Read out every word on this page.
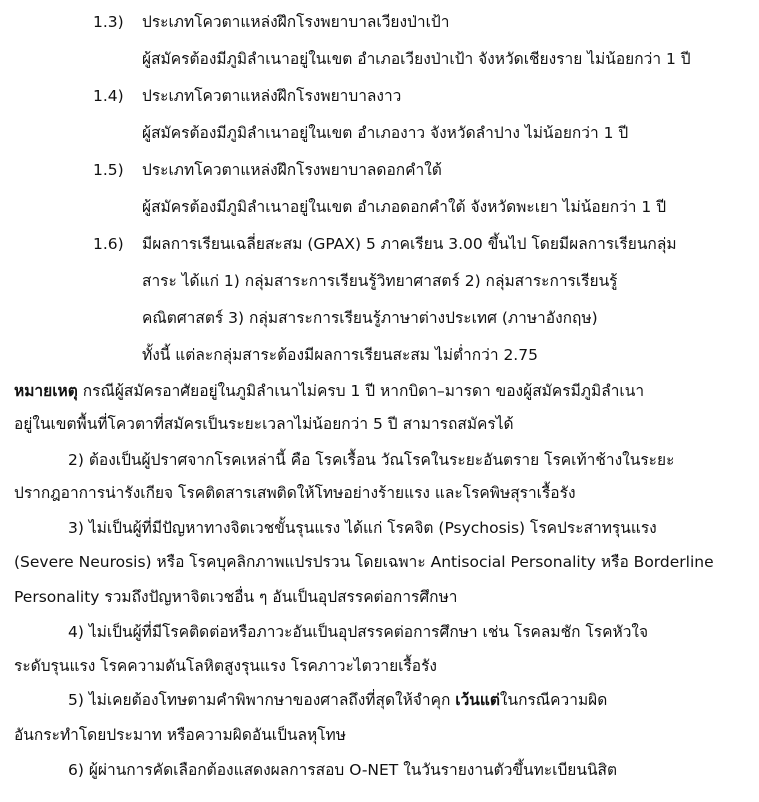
1.3) ประเภทโควตาแหล่งฝึกโรงพยาบาลเวียงป่าเป้า
ผู้สมัครต้องมีภูมิลำเนาอยู่ในเขต อำเภอเวียงป่าเป้า จังหวัดเชียงราย ไม่น้อยกว่า 1 ปี
1.4) ประเภทโควตาแหล่งฝึกโรงพยาบาลงาว
ผู้สมัครต้องมีภูมิลำเนาอยู่ในเขต อำเภองาว จังหวัดลำปาง ไม่น้อยกว่า 1 ปี
1.5) ประเภทโควตาแหล่งฝึกโรงพยาบาลดอกคำใต้
ผู้สมัครต้องมีภูมิลำเนาอยู่ในเขต อำเภอดอกคำใต้ จังหวัดพะเยา ไม่น้อยกว่า 1 ปี
1.6) มีผลการเรียนเฉลี่ยสะสม (GPAX) 5 ภาคเรียน 3.00 ขึ้นไป โดยมีผลการเรียนกลุ่ม
สาระ ได้แก่ 1) กลุ่มสาระการเรียนรู้วิทยาศาสตร์ 2) กลุ่มสาระการเรียนรู้
คณิตศาสตร์ 3) กลุ่มสาระการเรียนรู้ภาษาต่างประเทศ (ภาษาอังกฤษ)
ทั้งนี้ แต่ละกลุ่มสาระต้องมีผลการเรียนสะสม ไม่ต่ำกว่า 2.75
หมายเหตุ กรณีผู้สมัครอาศัยอยู่ในภูมิลำเนาไม่ครบ 1 ปี หากบิดา–มารดา ของผู้สมัครมีภูมิลำเนา
อยู่ในเขตพื้นที่โควตาที่สมัครเป็นระยะเวลาไม่น้อยกว่า 5 ปี สามารถสมัครได้
2) ต้องเป็นผู้ปราศจากโรคเหล่านี้ คือ โรคเรื้อน วัณโรคในระยะอันตราย โรคเท้าช้างในระยะ
ปรากฎอาการน่ารังเกียจ โรคติดสารเสพติดให้โทษอย่างร้ายแรง และโรคพิษสุราเรื้อรัง
3) ไม่เป็นผู้ที่มีปัญหาทางจิตเวชขั้นรุนแรง ได้แก่ โรคจิต (Psychosis) โรคประสาทรุนแรง
(Severe Neurosis) หรือ โรคบุคลิกภาพแปรปรวน โดยเฉพาะ Antisocial Personality หรือ Borderline
Personality รวมถึงปัญหาจิตเวชอื่น ๆ อันเป็นอุปสรรคต่อการศึกษา
4) ไม่เป็นผู้ที่มีโรคติดต่อหรือภาวะอันเป็นอุปสรรคต่อการศึกษา เช่น โรคลมชัก โรคหัวใจ
ระดับรุนแรง โรคความดันโลหิตสูงรุนแรง โรคภาวะไตวายเรื้อรัง
5) ไม่เคยต้องโทษตามคำพิพากษาของศาลถึงที่สุดให้จำคุก เว้นแต่ในกรณีความผิด
อันกระทำโดยประมาท หรือความผิดอันเป็นลหุโทษ
6) ผู้ผ่านการคัดเลือกต้องแสดงผลการสอบ O-NET ในวันรายงานตัวขึ้นทะเบียนนิสิต
